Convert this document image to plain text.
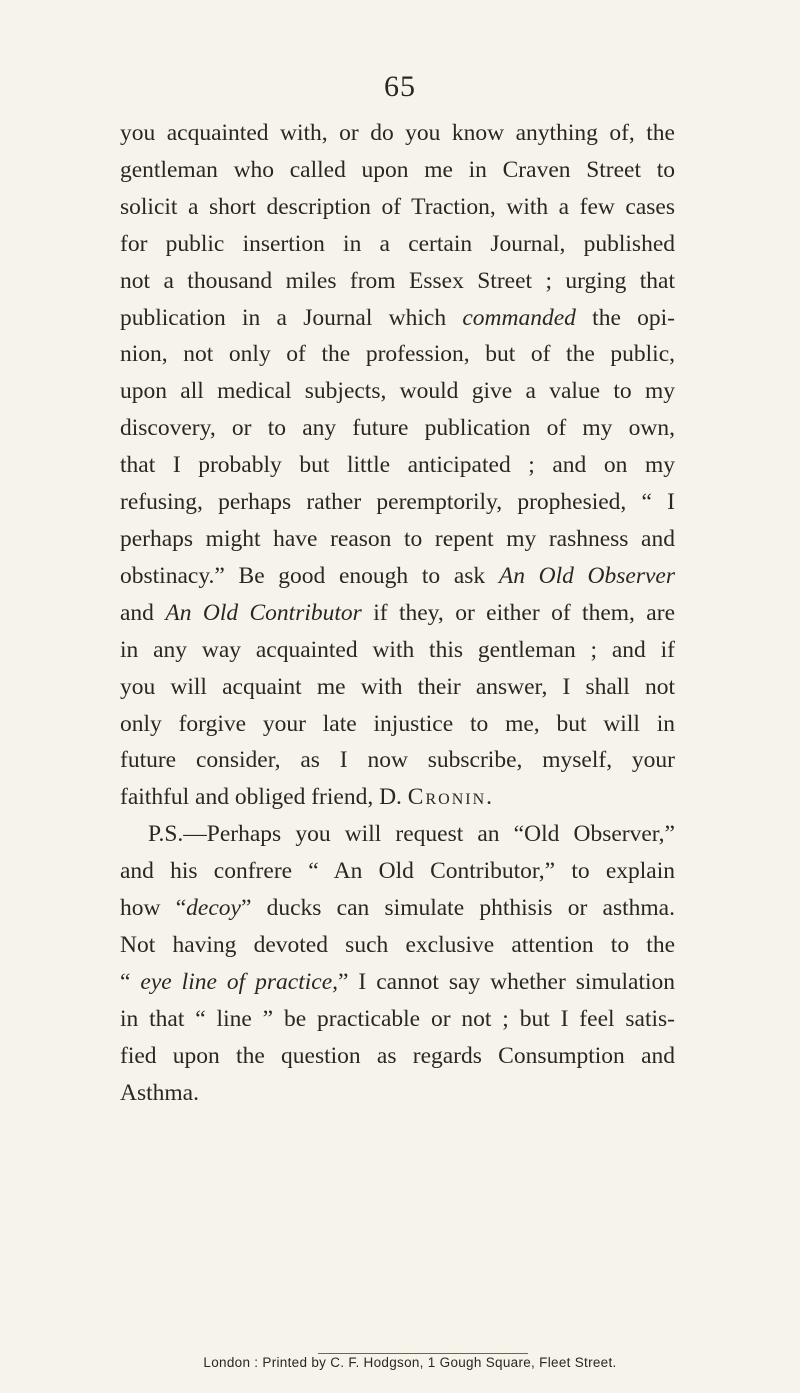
65
you acquainted with, or do you know anything of, the
gentleman who called upon me in Craven Street to
solicit a short description of Traction, with a few cases
for public insertion in a certain Journal, published
not a thousand miles from Essex Street ; urging that
publication in a Journal which commanded the opi-
nion, not only of the profession, but of the public,
upon all medical subjects, would give a value to my
discovery, or to any future publication of my own,
that I probably but little anticipated ; and on my
refusing, perhaps rather peremptorily, prophesied, “ I
perhaps might have reason to repent my rashness and
obstinacy.” Be good enough to ask An Old Observer
and An Old Contributor if they, or either of them, are
in any way acquainted with this gentleman ; and if
you will acquaint me with their answer, I shall not
only forgive your late injustice to me, but will in
future consider, as I now subscribe, myself, your
faithful and obliged friend, D. Cronin.
P.S.—Perhaps you will request an “Old Observer,”
and his confrere “ An Old Contributor,” to explain
how “decoy” ducks can simulate phthisis or asthma.
Not having devoted such exclusive attention to the
“ eye line of practice,” I cannot say whether simulation
in that “ line ” be practicable or not ; but I feel satis-
fied upon the question as regards Consumption and
Asthma.
London : Printed by C. F. Hodgson, 1 Gough Square, Fleet Street.
